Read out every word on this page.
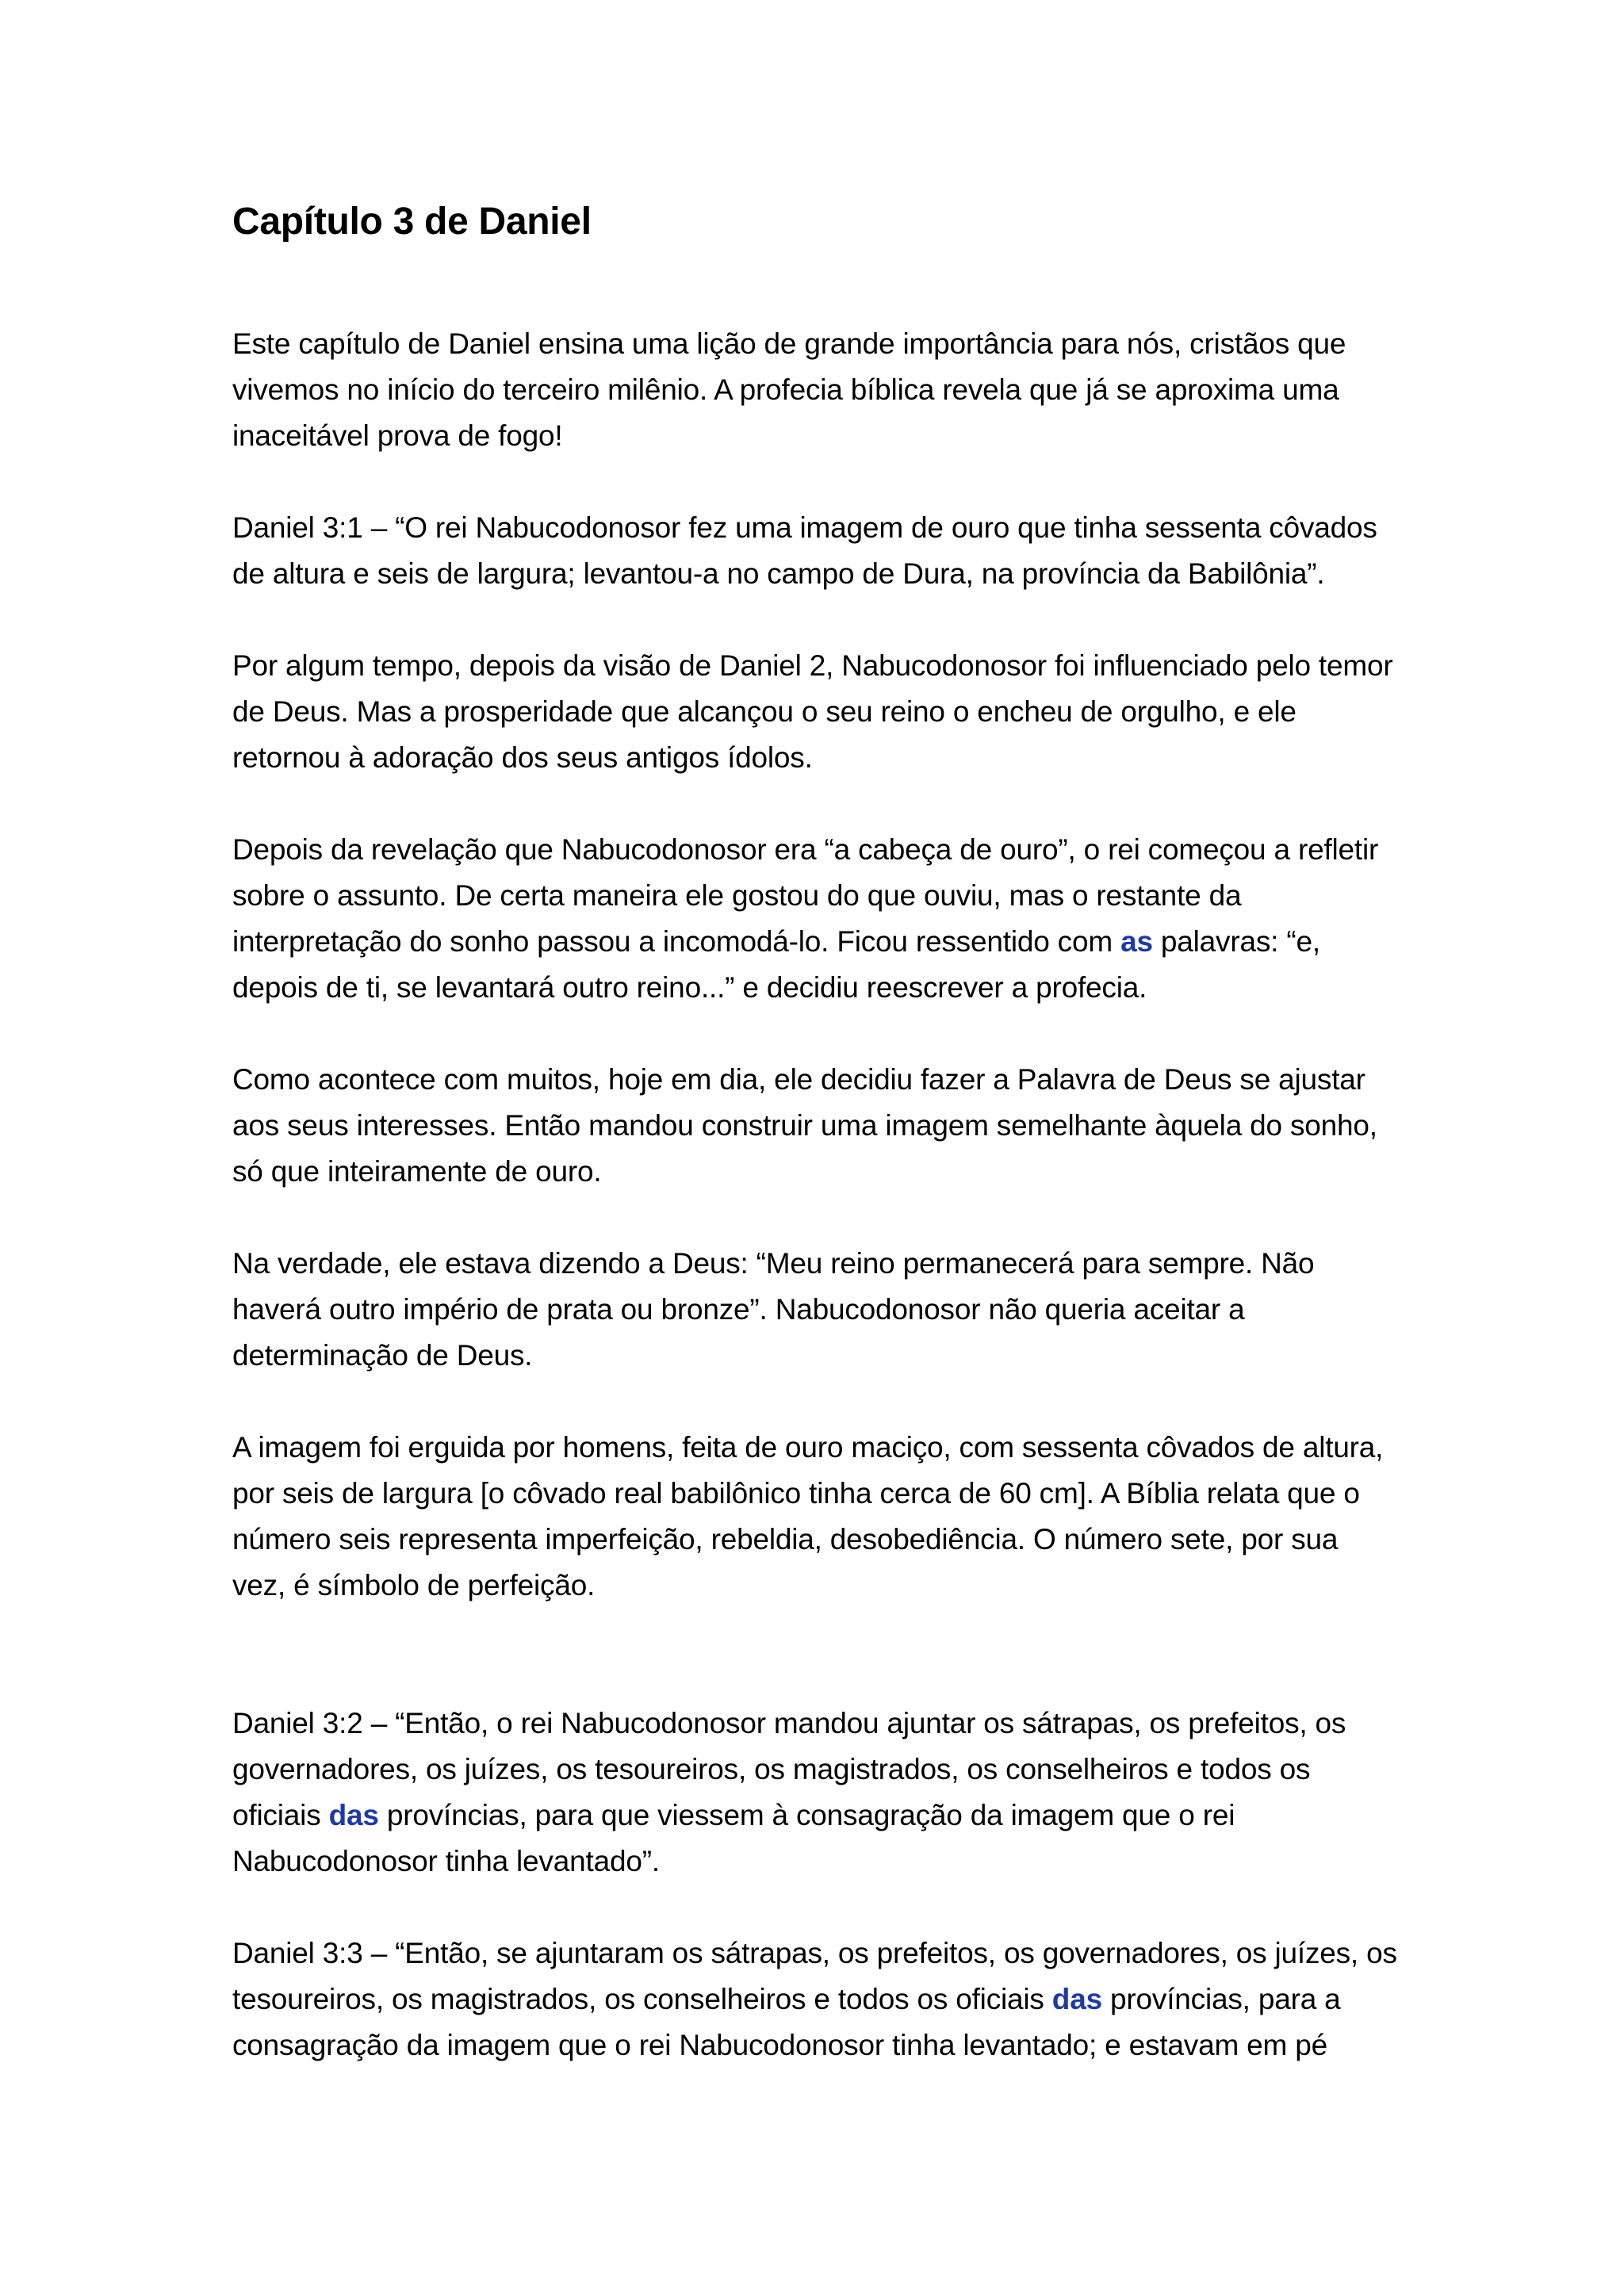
Capítulo 3 de Daniel

Este capítulo de Daniel ensina uma lição de grande importância para nós, cristãos que vivemos no início do terceiro milênio. A profecia bíblica revela que já se aproxima uma inaceitável prova de fogo!

Daniel 3:1 – “O rei Nabucodonosor fez uma imagem de ouro que tinha sessenta côvados de altura e seis de largura; levantou-a no campo de Dura, na província da Babilônia”.

Por algum tempo, depois da visão de Daniel 2, Nabucodonosor foi influenciado pelo temor de Deus. Mas a prosperidade que alcançou o seu reino o encheu de orgulho, e ele retornou à adoração dos seus antigos ídolos.

Depois da revelação que Nabucodonosor era “a cabeça de ouro”, o rei começou a refletir sobre o assunto. De certa maneira ele gostou do que ouviu, mas o restante da interpretação do sonho passou a incomodá-lo. Ficou ressentido com as palavras: “e, depois de ti, se levantará outro reino...” e decidiu reescrever a profecia.

Como acontece com muitos, hoje em dia, ele decidiu fazer a Palavra de Deus se ajustar aos seus interesses. Então mandou construir uma imagem semelhante àquela do sonho, só que inteiramente de ouro.

Na verdade, ele estava dizendo a Deus: “Meu reino permanecerá para sempre. Não haverá outro império de prata ou bronze”. Nabucodonosor não queria aceitar a determinação de Deus.

A imagem foi erguida por homens, feita de ouro maciço, com sessenta côvados de altura, por seis de largura [o côvado real babilônico tinha cerca de 60 cm]. A Bíblia relata que o número seis representa imperfeição, rebeldia, desobediência. O número sete, por sua vez, é símbolo de perfeição.

Daniel 3:2 – “Então, o rei Nabucodonosor mandou ajuntar os sátrapas, os prefeitos, os governadores, os juízes, os tesoureiros, os magistrados, os conselheiros e todos os oficiais das províncias, para que viessem à consagração da imagem que o rei Nabucodonosor tinha levantado”.

Daniel 3:3 – “Então, se ajuntaram os sátrapas, os prefeitos, os governadores, os juízes, os tesoureiros, os magistrados, os conselheiros e todos os oficiais das províncias, para a consagração da imagem que o rei Nabucodonosor tinha levantado; e estavam em pé
